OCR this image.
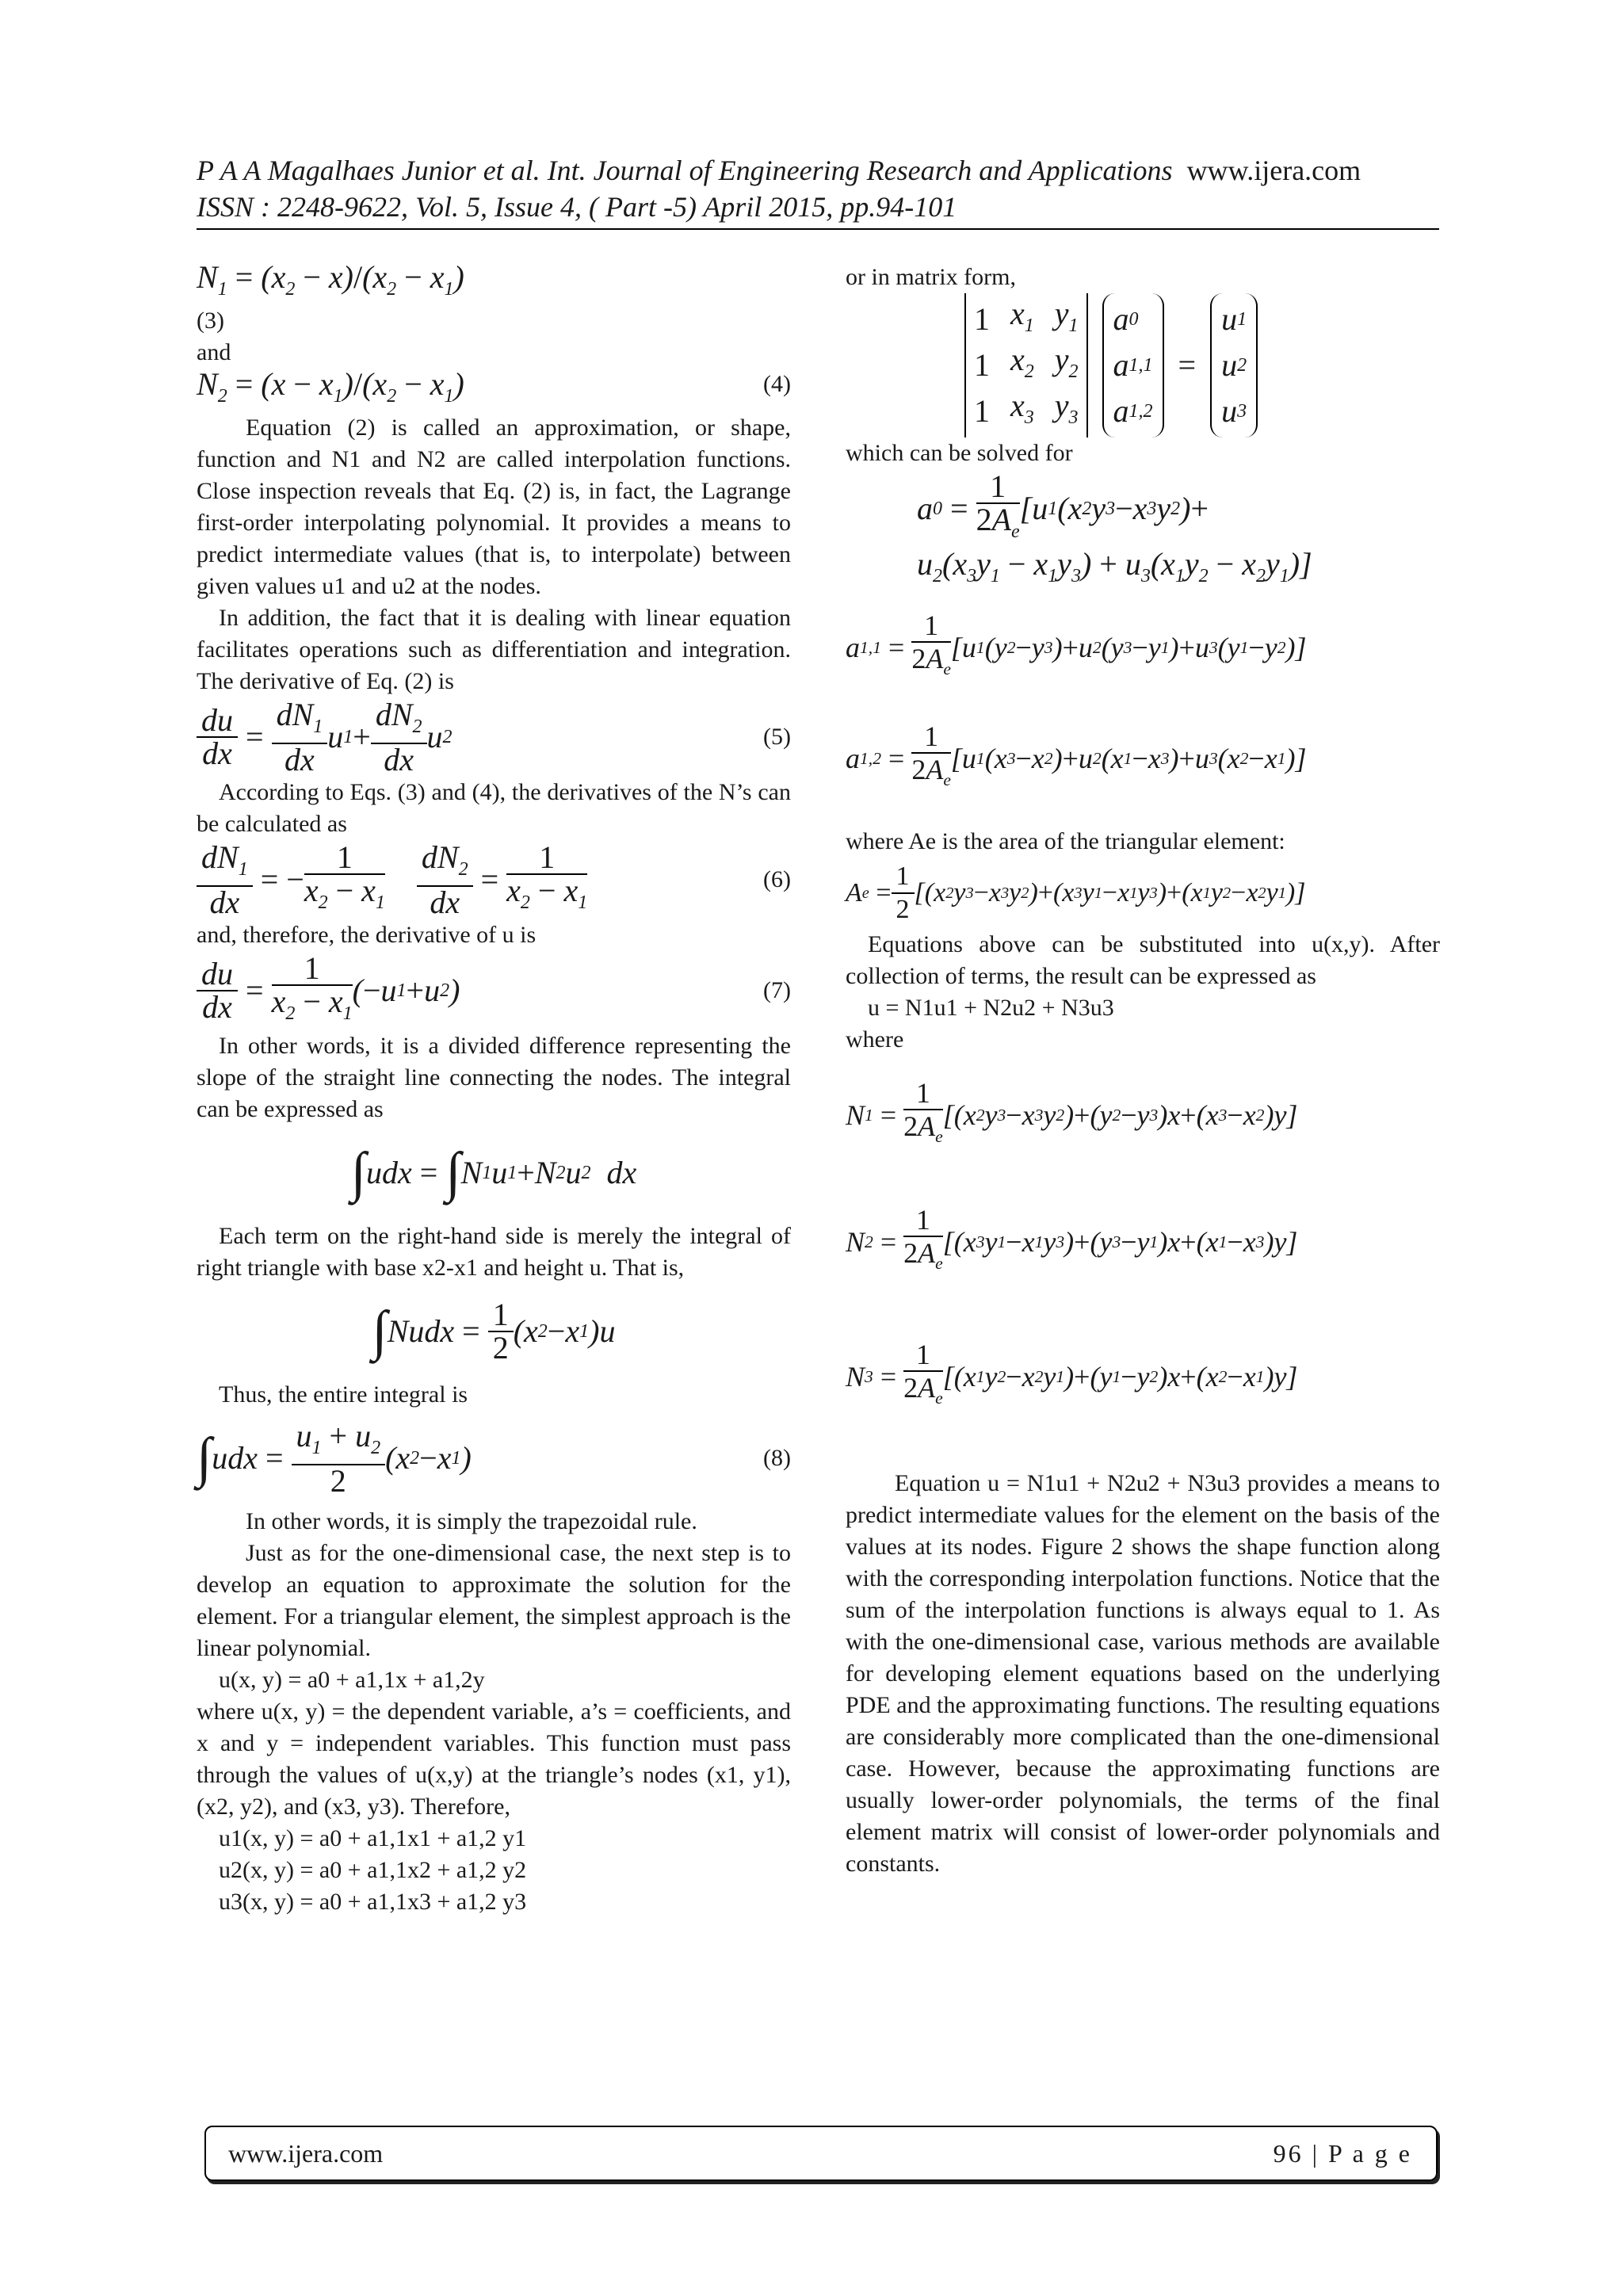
P A A Magalhaes Junior et al. Int. Journal of Engineering Research and Applications www.ijera.com
ISSN : 2248-9622, Vol. 5, Issue 4, ( Part -5) April 2015, pp.94-101
$N_1 = (x_2 - x)/(x_2 - x_1)$

(3)

and

$N_2 = (x - x_1)/(x_2 - x_1)$	(4)

Equation (2) is called an approximation, or shape, function and N1 and N2 are called interpolation functions. Close inspection reveals that Eq. (2) is, in fact, the Lagrange first-order interpolating polynomial. It provides a means to predict intermediate values (that is, to interpolate) between given values u1 and u2 at the nodes.

In addition, the fact that it is dealing with linear equation facilitates operations such as differentiation and integration. The derivative of Eq. (2) is

$\frac{du}{dx}$
=
$\frac{dN_1}{dx}$ u $1 + \frac{dN_2}{dx}$ u 2	(5)

According to Eqs. (3) and (4), the derivatives of the N’s can be calculated as

$\frac{dN_1}{dx}$
= − $\frac{1}{x_2 - x_1}$
$\frac{dN_2}{dx}$
=
$\frac{1}{x_2 - x_1}$	(6)

and, therefore, the derivative of u is

$\frac{du}{dx}$
=
$\frac{1}{x_2 - x_1}$ ( − u 1 + u 2 )	(7)

In other words, it is a divided difference representing the slope of the straight line connecting the nodes. The integral can be expressed as

∫ udx = ∫ N 1 u 1 + N 2 u 2 dx

Each term on the right-hand side is merely the integral of right triangle with base x2-x1 and height u. That is,

∫ Nudx = $\frac{1}{2} (x$ 2 − x 1 )u

Thus, the entire integral is

∫ udx = $\frac{u_1 + u_2}{2} (x$ 2 − x 1 )	(8)

In other words, it is simply the trapezoidal rule.

Just as for the one-dimensional case, the next step is to develop an equation to approximate the solution for the element. For a triangular element, the simplest approach is the linear polynomial.

u(x, y) = a0 + a1,1x + a1,2y

where u(x, y) = the dependent variable, a’s = coefficients, and x and y = independent variables. This function must pass through the values of u(x,y) at the triangle’s nodes (x1, y1), (x2, y2), and (x3, y3). Therefore,

u1(x, y) = a0 + a1,1x1 + a1,2 y1

u2(x, y) = a0 + a1,1x2 + a1,2 y2

u3(x, y) = a0 + a1,1x3 + a1,2 y3

or in matrix form,

1 $x_1$ $y_1$
1 $x_2$ $y_2$
1 $x_3$ $y_3$
a 0
a 1,1
a 1,2
=
u 1
u 2
u 3

which can be solved for

a 0
=
$\frac{1}{2A_e} [u$ 1 (x 2 y 3 − x 3 y 2 ) +
$u_2(x_3y_1 - x_1y_3) + u_3(x_1y_2 - x_2y_1)$]
a 1,1
=
$\frac{1}{2A_e} [u$ 1 (y 2 − y 3 ) + u 2 (y 3 − y 1 ) + u 3 (y 1 − y 2 )]
a 1,2
=
$\frac{1}{2A_e} [u$ 1 (x 3 − x 2 ) + u 2 (x 1 − x 3 ) + u 3 (x 2 − x 1 )]

where Ae is the area of the triangular element:

A e
= $\frac{1}{2} [(x$ 2 y 3 − x 3 y 2 ) + (x 3 y 1 − x 1 y 3 ) + (x 1 y 2 − x 2 y 1 )]

Equations above can be substituted into u(x,y). After collection of terms, the result can be expressed as

u = N1u1 + N2u2 + N3u3

where

N 1
=
$\frac{1}{2A_e} [(x$ 2 y 3 − x 3 y 2 ) + (y 2 − y 3 )x + (x 3 − x 2 )y]
N 2
=
$\frac{1}{2A_e} [(x$ 3 y 1 − x 1 y 3 ) + (y 3 − y 1 )x + (x 1 − x 3 )y]
N 3
=
$\frac{1}{2A_e} [(x$ 1 y 2 − x 2 y 1 ) + (y 1 − y 2 )x + (x 2 − x 1 )y]

Equation u = N1u1 + N2u2 + N3u3 provides a means to predict intermediate values for the element on the basis of the values at its nodes. Figure 2 shows the shape function along with the corresponding interpolation functions. Notice that the sum of the interpolation functions is always equal to 1. As with the one-dimensional case, various methods are available for developing element equations based on the underlying PDE and the approximating functions. The resulting equations are considerably more complicated than the one-dimensional case. However, because the approximating functions are usually lower-order polynomials, the terms of the final element matrix will consist of lower-order polynomials and constants.

www.ijera.com	96 | P a g e
